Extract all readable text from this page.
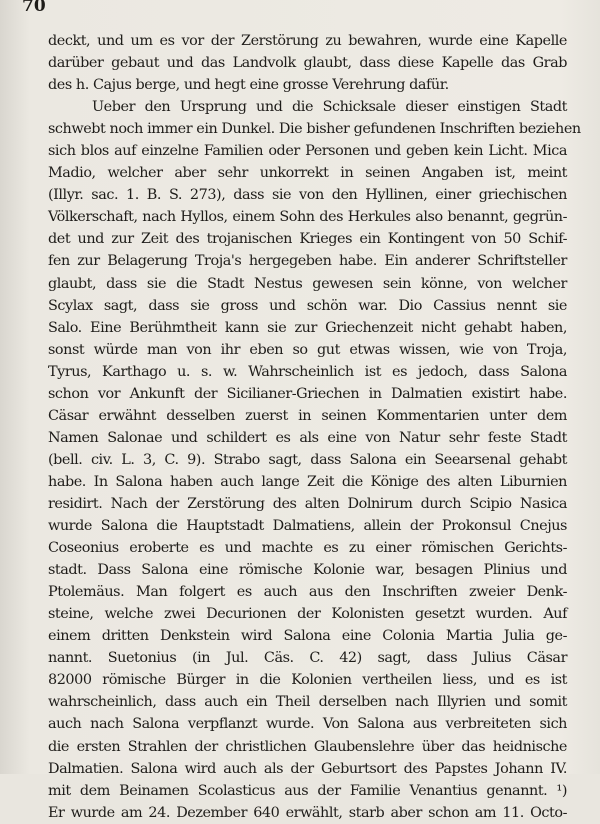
70
deckt, und um es vor der Zerstörung zu bewahren, wurde eine Kapelle
darüber gebaut und das Landvolk glaubt, dass diese Kapelle das Grab
des h. Cajus berge, und hegt eine grosse Verehrung dafür.
Ueber den Ursprung und die Schicksale dieser einstigen Stadt
schwebt noch immer ein Dunkel. Die bisher gefundenen Inschriften beziehen
sich blos auf einzelne Familien oder Personen und geben kein Licht. Mica
Madio, welcher aber sehr unkorrekt in seinen Angaben ist, meint
(Illyr. sac. 1. B. S. 273), dass sie von den Hyllinen, einer griechischen
Völkerschaft, nach Hyllos, einem Sohn des Herkules also benannt, gegrün-
det und zur Zeit des trojanischen Krieges ein Kontingent von 50 Schif-
fen zur Belagerung Troja's hergegeben habe. Ein anderer Schriftsteller
glaubt, dass sie die Stadt Nestus gewesen sein könne, von welcher
Scylax sagt, dass sie gross und schön war. Dio Cassius nennt sie
Salo. Eine Berühmtheit kann sie zur Griechenzeit nicht gehabt haben,
sonst würde man von ihr eben so gut etwas wissen, wie von Troja,
Tyrus, Karthago u. s. w. Wahrscheinlich ist es jedoch, dass Salona
schon vor Ankunft der Sicilianer-Griechen in Dalmatien existirt habe.
Cäsar erwähnt desselben zuerst in seinen Kommentarien unter dem
Namen Salonae und schildert es als eine von Natur sehr feste Stadt
(bell. civ. L. 3, C. 9). Strabo sagt, dass Salona ein Seearsenal gehabt
habe. In Salona haben auch lange Zeit die Könige des alten Liburnien
residirt. Nach der Zerstörung des alten Dolnirum durch Scipio Nasica
wurde Salona die Hauptstadt Dalmatiens, allein der Prokonsul Cnejus
Coseonius eroberte es und machte es zu einer römischen Gerichts-
stadt. Dass Salona eine römische Kolonie war, besagen Plinius und
Ptolemäus. Man folgert es auch aus den Inschriften zweier Denk-
steine, welche zwei Decurionen der Kolonisten gesetzt wurden. Auf
einem dritten Denkstein wird Salona eine Colonia Martia Julia ge-
nannt. Suetonius (in Jul. Cäs. C. 42) sagt, dass Julius Cäsar
82000 römische Bürger in die Kolonien vertheilen liess, und es ist
wahrscheinlich, dass auch ein Theil derselben nach Illyrien und somit
auch nach Salona verpflanzt wurde. Von Salona aus verbreiteten sich
die ersten Strahlen der christlichen Glaubenslehre über das heidnische
Dalmatien. Salona wird auch als der Geburtsort des Papstes Johann IV.
mit dem Beinamen Scolasticus aus der Familie Venantius genannt. ¹)
Er wurde am 24. Dezember 640 erwählt, starb aber schon am 11. Octo-
